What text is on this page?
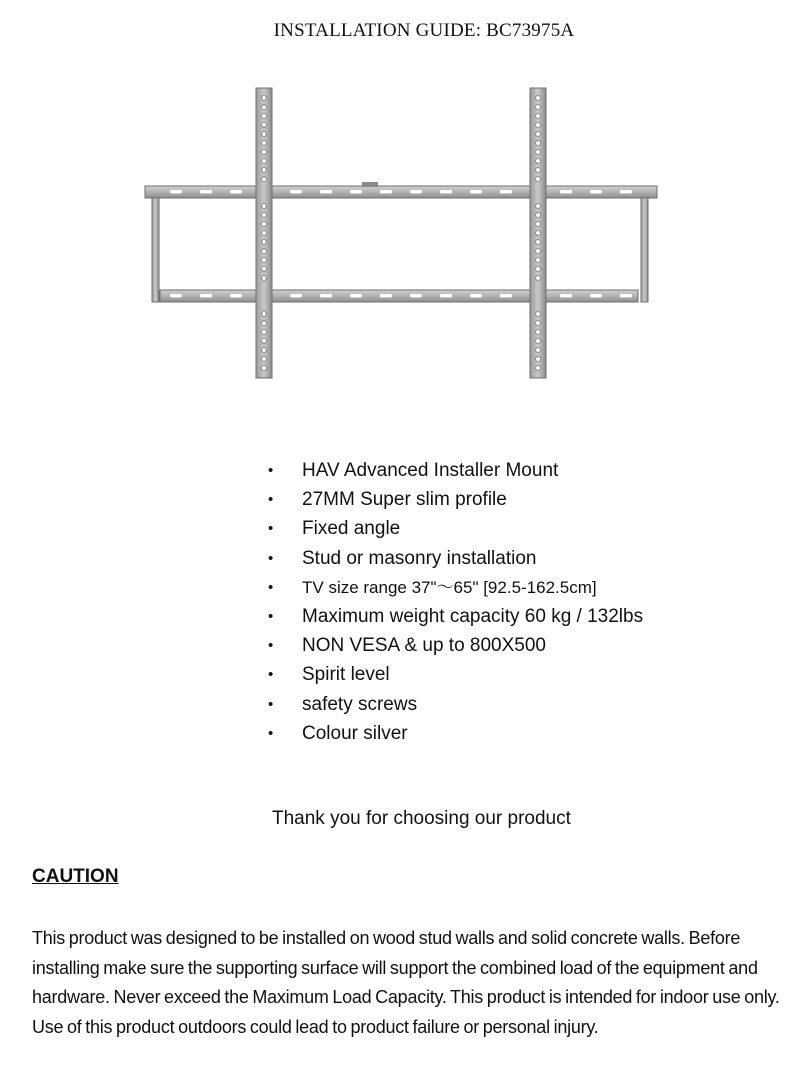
INSTALLATION GUIDE: BC73975A
• HAV Advanced Installer Mount
• 27MM Super slim profile
• Fixed angle
• Stud or masonry installation
• TV size range 37"～65" [92.5-162.5cm]
• Maximum weight capacity 60 kg / 132lbs
• NON VESA & up to 800X500
• Spirit level
• safety screws
• Colour silver
Thank you for choosing our product
CAUTION
This product was designed to be installed on wood stud walls and solid concrete walls. Before installing make sure the supporting surface will support the combined load of the equipment and hardware. Never exceed the Maximum Load Capacity. This product is intended for indoor use only. Use of this product outdoors could lead to product failure or personal injury.
